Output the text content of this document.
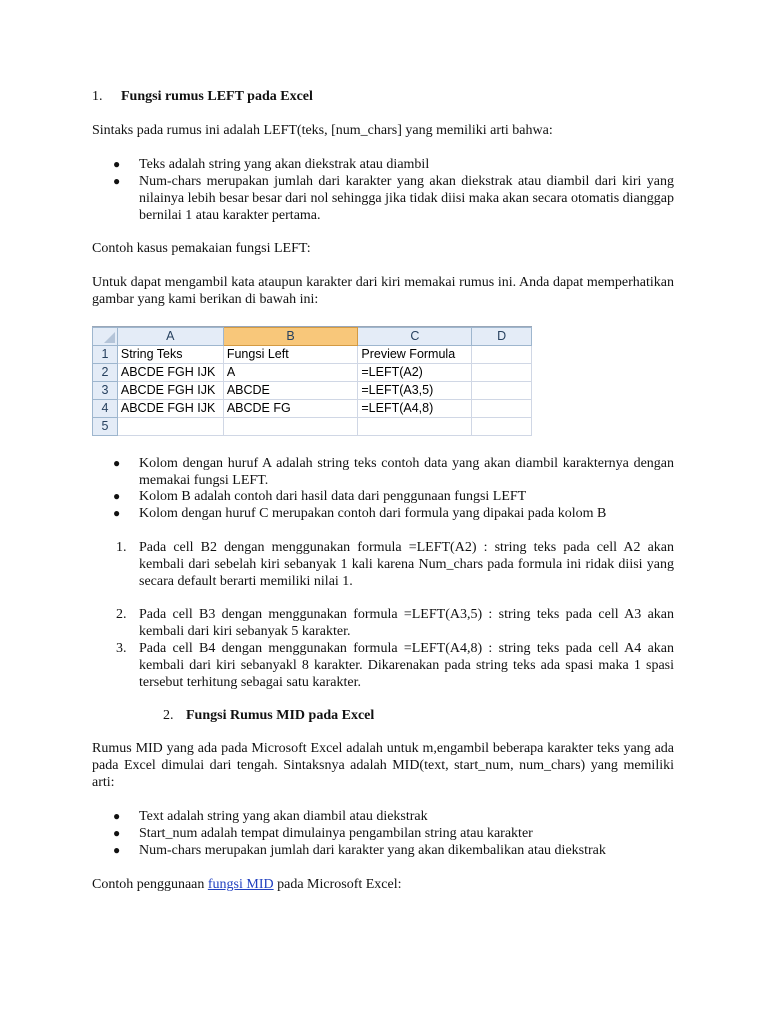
1. Fungsi rumus LEFT pada Excel
Sintaks pada rumus ini adalah LEFT(teks, [num_chars] yang memiliki arti bahwa:
● Teks adalah string yang akan diekstrak atau diambil
● Num-chars merupakan jumlah dari karakter yang akan diekstrak atau diambil dari kiri yang nilainya lebih besar besar dari nol sehingga jika tidak diisi maka akan secara otomatis dianggap bernilai 1 atau karakter pertama.
Contoh kasus pemakaian fungsi LEFT:
Untuk dapat mengambil kata ataupun karakter dari kiri memakai rumus ini. Anda dapat memperhatikan gambar yang kami berikan di bawah ini:
	A	B	C	D
1	String Teks	Fungsi Left	Preview Formula	
2	ABCDE FGH IJK	A	=LEFT(A2)	
3	ABCDE FGH IJK	ABCDE	=LEFT(A3,5)	
4	ABCDE FGH IJK	ABCDE FG	=LEFT(A4,8)	
5				
● Kolom dengan huruf A adalah string teks contoh data yang akan diambil karakternya dengan memakai fungsi LEFT.
● Kolom B adalah contoh dari hasil data dari penggunaan fungsi LEFT
● Kolom dengan huruf C merupakan contoh dari formula yang dipakai pada kolom B
1. Pada cell B2 dengan menggunakan formula =LEFT(A2) : string teks pada cell A2 akan kembali dari sebelah kiri sebanyak 1 kali karena Num_chars pada formula ini ridak diisi yang secara default berarti memiliki nilai 1.
2. Pada cell B3 dengan menggunakan formula =LEFT(A3,5) : string teks pada cell A3 akan kembali dari kiri sebanyak 5 karakter.
3. Pada cell B4 dengan menggunakan formula =LEFT(A4,8) : string teks pada cell A4 akan kembali dari kiri sebanyakl 8 karakter. Dikarenakan pada string teks ada spasi maka 1 spasi tersebut terhitung sebagai satu karakter.
2. Fungsi Rumus MID pada Excel
Rumus MID yang ada pada Microsoft Excel adalah untuk m,engambil beberapa karakter teks yang ada pada Excel dimulai dari tengah. Sintaksnya adalah MID(text, start_num, num_chars) yang memiliki arti:
● Text adalah string yang akan diambil atau diekstrak
● Start_num adalah tempat dimulainya pengambilan string atau karakter
● Num-chars merupakan jumlah dari karakter yang akan dikembalikan atau diekstrak
Contoh penggunaan fungsi MID pada Microsoft Excel:
